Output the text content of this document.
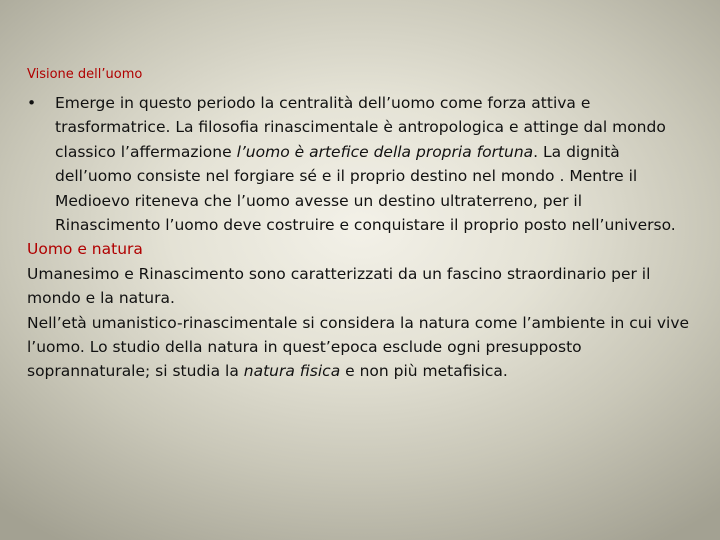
Visione dell’uomo
•	Emerge in questo periodo la centralità dell’uomo come forza attiva e
trasformatrice. La filosofia rinascimentale è antropologica e attinge dal mondo
classico l’affermazione l’uomo è artefice della propria fortuna. La dignità
dell’uomo consiste nel forgiare sé e il proprio destino nel mondo . Mentre il
Medioevo riteneva che l’uomo avesse un destino ultraterreno, per il
Rinascimento l’uomo deve costruire e conquistare il proprio posto nell’universo.
Uomo e natura
Umanesimo e Rinascimento sono caratterizzati da un fascino straordinario per il
mondo e la natura.
Nell’età umanistico-rinascimentale si considera la natura come l’ambiente in cui vive
l’uomo. Lo studio della natura in quest’epoca esclude ogni presupposto
soprannaturale; si studia la natura fisica e non più metafisica.
